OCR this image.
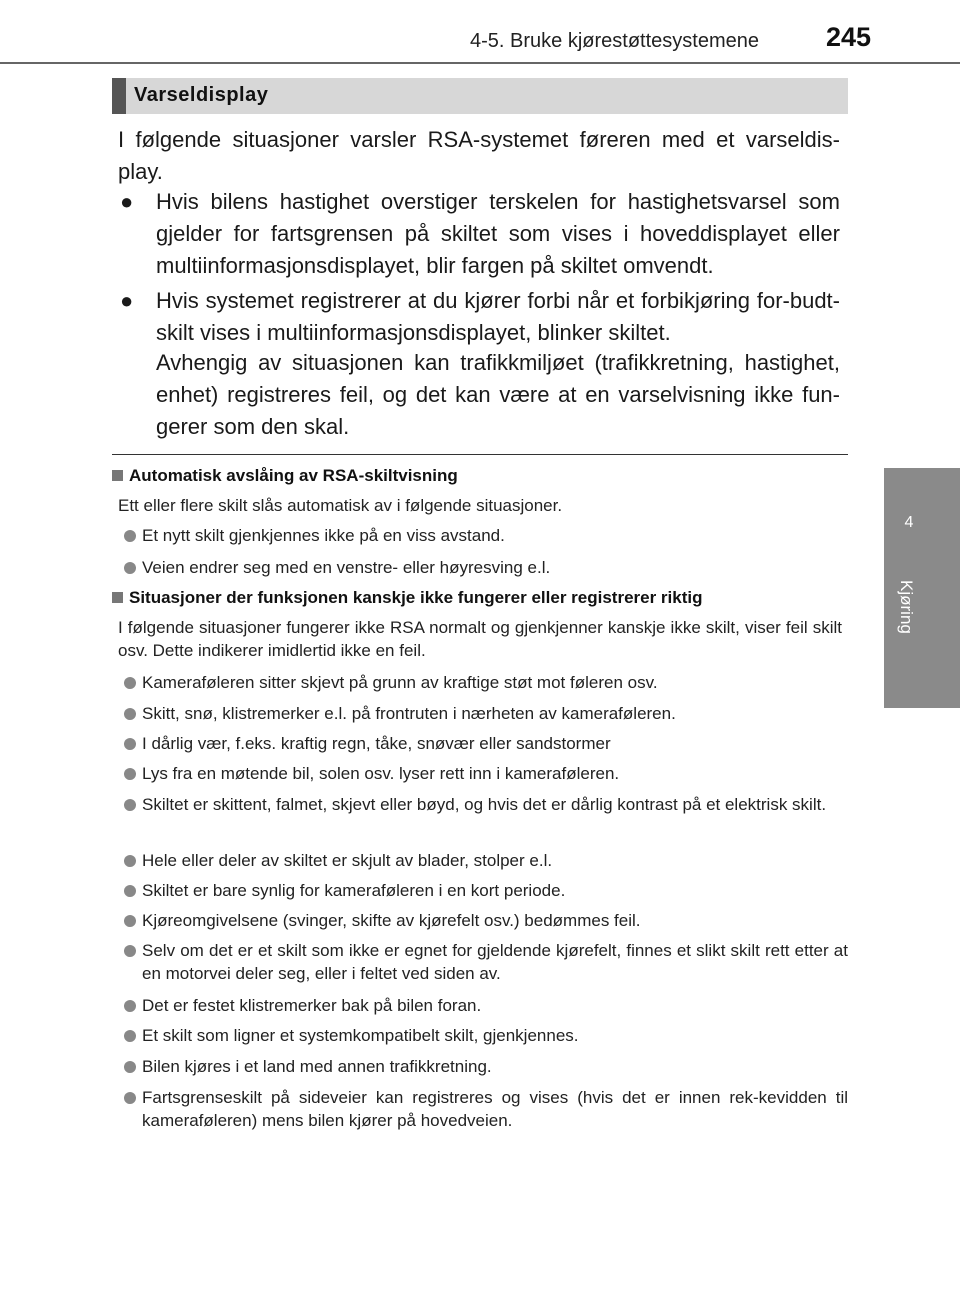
4-5. Bruke kjørestøttesystemene 245
4
Kjøring
Varseldisplay
I følgende situasjoner varsler RSA-systemet føreren med et varseldis-play.
● Hvis bilens hastighet overstiger terskelen for hastighetsvarsel som gjelder for fartsgrensen på skiltet som vises i hoveddisplayet eller multiinformasjonsdisplayet, blir fargen på skiltet omvendt.
● Hvis systemet registrerer at du kjører forbi når et forbikjøring for-budt-skilt vises i multiinformasjonsdisplayet, blinker skiltet.
Avhengig av situasjonen kan trafikkmiljøet (trafikkretning, hastighet, enhet) registreres feil, og det kan være at en varselvisning ikke fun-gerer som den skal.
Automatisk avslåing av RSA-skiltvisning
Ett eller flere skilt slås automatisk av i følgende situasjoner.
Et nytt skilt gjenkjennes ikke på en viss avstand.
Veien endrer seg med en venstre- eller høyresving e.l.
Situasjoner der funksjonen kanskje ikke fungerer eller registrerer riktig
I følgende situasjoner fungerer ikke RSA normalt og gjenkjenner kanskje ikke skilt, viser feil skilt osv. Dette indikerer imidlertid ikke en feil.
Kameraføleren sitter skjevt på grunn av kraftige støt mot føleren osv.
Skitt, snø, klistremerker e.l. på frontruten i nærheten av kameraføleren.
I dårlig vær, f.eks. kraftig regn, tåke, snøvær eller sandstormer
Lys fra en møtende bil, solen osv. lyser rett inn i kameraføleren.
Skiltet er skittent, falmet, skjevt eller bøyd, og hvis det er dårlig kontrast på et elektrisk skilt.
Hele eller deler av skiltet er skjult av blader, stolper e.l.
Skiltet er bare synlig for kameraføleren i en kort periode.
Kjøreomgivelsene (svinger, skifte av kjørefelt osv.) bedømmes feil.
Selv om det er et skilt som ikke er egnet for gjeldende kjørefelt, finnes et slikt skilt rett etter at en motorvei deler seg, eller i feltet ved siden av.
Det er festet klistremerker bak på bilen foran.
Et skilt som ligner et systemkompatibelt skilt, gjenkjennes.
Bilen kjøres i et land med annen trafikkretning.
Fartsgrenseskilt på sideveier kan registreres og vises (hvis det er innen rek-kevidden til kameraføleren) mens bilen kjører på hovedveien.
